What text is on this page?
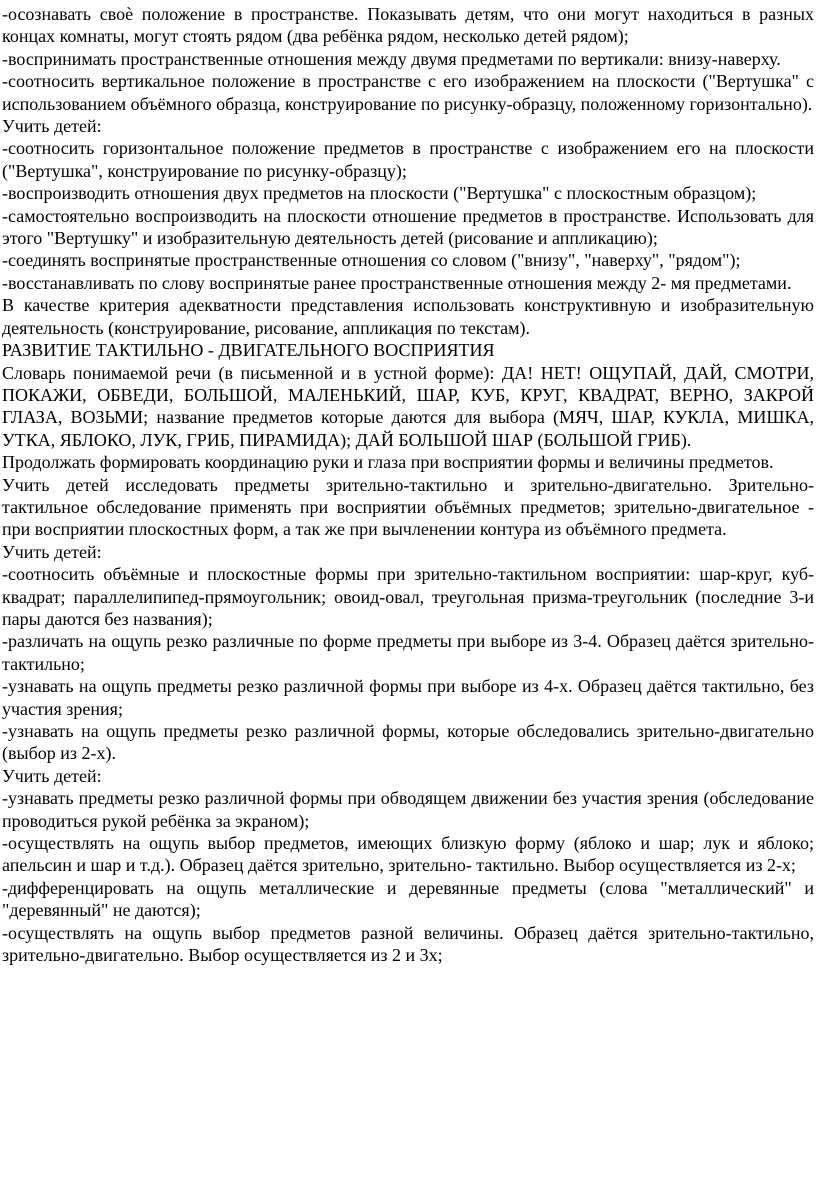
-осознавать своѐ положение в пространстве. Показывать детям, что они могут находиться в разных концах комнаты, могут стоять рядом (два ребёнка рядом, несколько детей рядом);

-воспринимать пространственные отношения между двумя предметами по вертикали: внизу-наверху.

-соотносить вертикальное положение в пространстве с его изображением на плоскости ("Вертушка" с использованием объёмного образца, конструирование по рисунку-образцу, положенному горизонтально).

Учить детей:

-соотносить горизонтальное положение предметов в пространстве с изображением его на плоскости ("Вертушка", конструирование по рисунку-образцу);

-воспроизводить отношения двух предметов на плоскости ("Вертушка" с плоскостным образцом);

-самостоятельно воспроизводить на плоскости отношение предметов в пространстве. Использовать для этого "Вертушку" и изобразительную деятельность детей (рисование и аппликацию);

-соединять воспринятые пространственные отношения со словом ("внизу", "наверху", "рядом");

-восстанавливать по слову воспринятые ранее пространственные отношения между 2- мя предметами.

В качестве критерия адекватности представления использовать конструктивную и изобразительную деятельность (конструирование, рисование, аппликация по текстам).

РАЗВИТИЕ ТАКТИЛЬНО - ДВИГАТЕЛЬНОГО ВОСПРИЯТИЯ

Словарь понимаемой речи (в письменной и в устной форме): ДА! НЕТ! ОЩУПАЙ, ДАЙ, СМОТРИ, ПОКАЖИ, ОБВЕДИ, БОЛЬШОЙ, МАЛЕНЬКИЙ, ШАР, КУБ, КРУГ, КВАДРАТ, ВЕРНО, ЗАКРОЙ ГЛАЗА, ВОЗЬМИ; название предметов которые даются для выбора (МЯЧ, ШАР, КУКЛА, МИШКА, УТКА, ЯБЛОКО, ЛУК, ГРИБ, ПИРАМИДА); ДАЙ БОЛЬШОЙ ШАР (БОЛЬШОЙ ГРИБ).

Продолжать формировать координацию руки и глаза при восприятии формы и величины предметов.

Учить детей исследовать предметы зрительно-тактильно и зрительно-двигательно. Зрительно-тактильное обследование применять при восприятии объёмных предметов; зрительно-двигательное - при восприятии плоскостных форм, а так же при вычленении контура из объёмного предмета.

Учить детей:

-соотносить объёмные и плоскостные формы при зрительно-тактильном восприятии: шар-круг, куб-квадрат; параллелипипед-прямоугольник; овоид-овал, треугольная призма-треугольник (последние 3-и пары даются без названия);

-различать на ощупь резко различные по форме предметы при выборе из 3-4. Образец даётся зрительно-тактильно;

-узнавать на ощупь предметы резко различной формы при выборе из 4-х. Образец даётся тактильно, без участия зрения;

-узнавать на ощупь предметы резко различной формы, которые обследовались зрительно-двигательно (выбор из 2-х).

Учить детей:

-узнавать предметы резко различной формы при обводящем движении без участия зрения (обследование проводиться рукой ребёнка за экраном);

-осуществлять на ощупь выбор предметов, имеющих близкую форму (яблоко и шар; лук и яблоко; апельсин и шар и т.д.). Образец даётся зрительно, зрительно- тактильно. Выбор осуществляется из 2-х;

-дифференцировать на ощупь металлические и деревянные предметы (слова "металлический" и "деревянный" не даются);

-осуществлять на ощупь выбор предметов разной величины. Образец даётся зрительно-тактильно, зрительно-двигательно. Выбор осуществляется из 2 и 3х;
